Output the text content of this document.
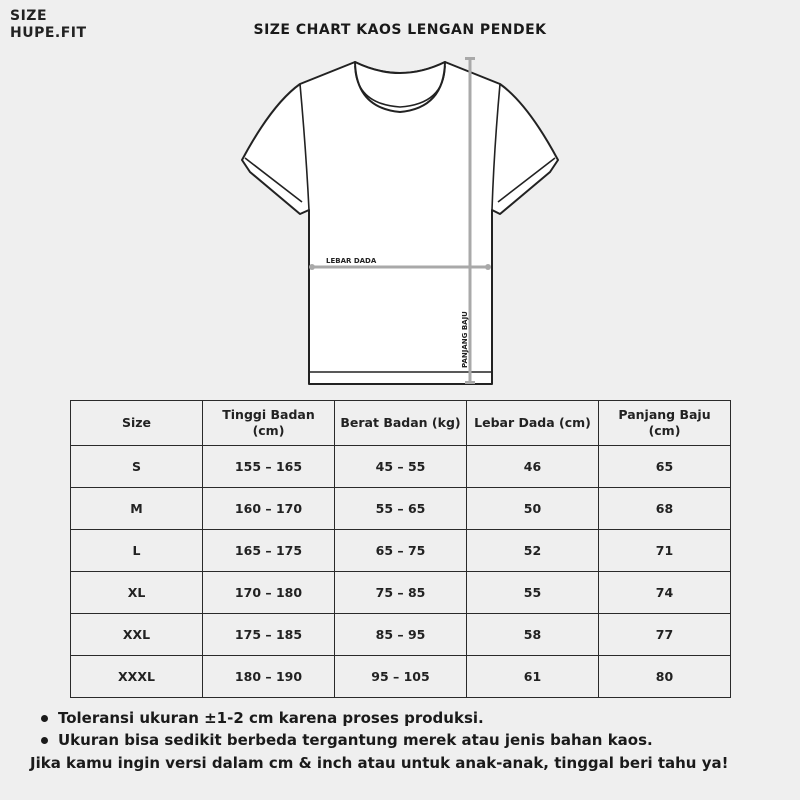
SIZE
HUPE.FIT	SIZE CHART KAOS LENGAN PENDEK
LEBAR DADA
PANJANG BAJU
Size	Tinggi Badan (cm)	Berat Badan (kg)	Lebar Dada (cm)	Panjang Baju (cm)
S	155 – 165	45 – 55	46	65
M	160 – 170	55 – 65	50	68
L	165 – 175	65 – 75	52	71
XL	170 – 180	75 – 85	55	74
XXL	175 – 185	85 – 95	58	77
XXXL	180 – 190	95 – 105	61	80
Toleransi ukuran ±1-2 cm karena proses produksi.
Ukuran bisa sedikit berbeda tergantung merek atau jenis bahan kaos.
Jika kamu ingin versi dalam cm & inch atau untuk anak-anak, tinggal beri tahu ya!
